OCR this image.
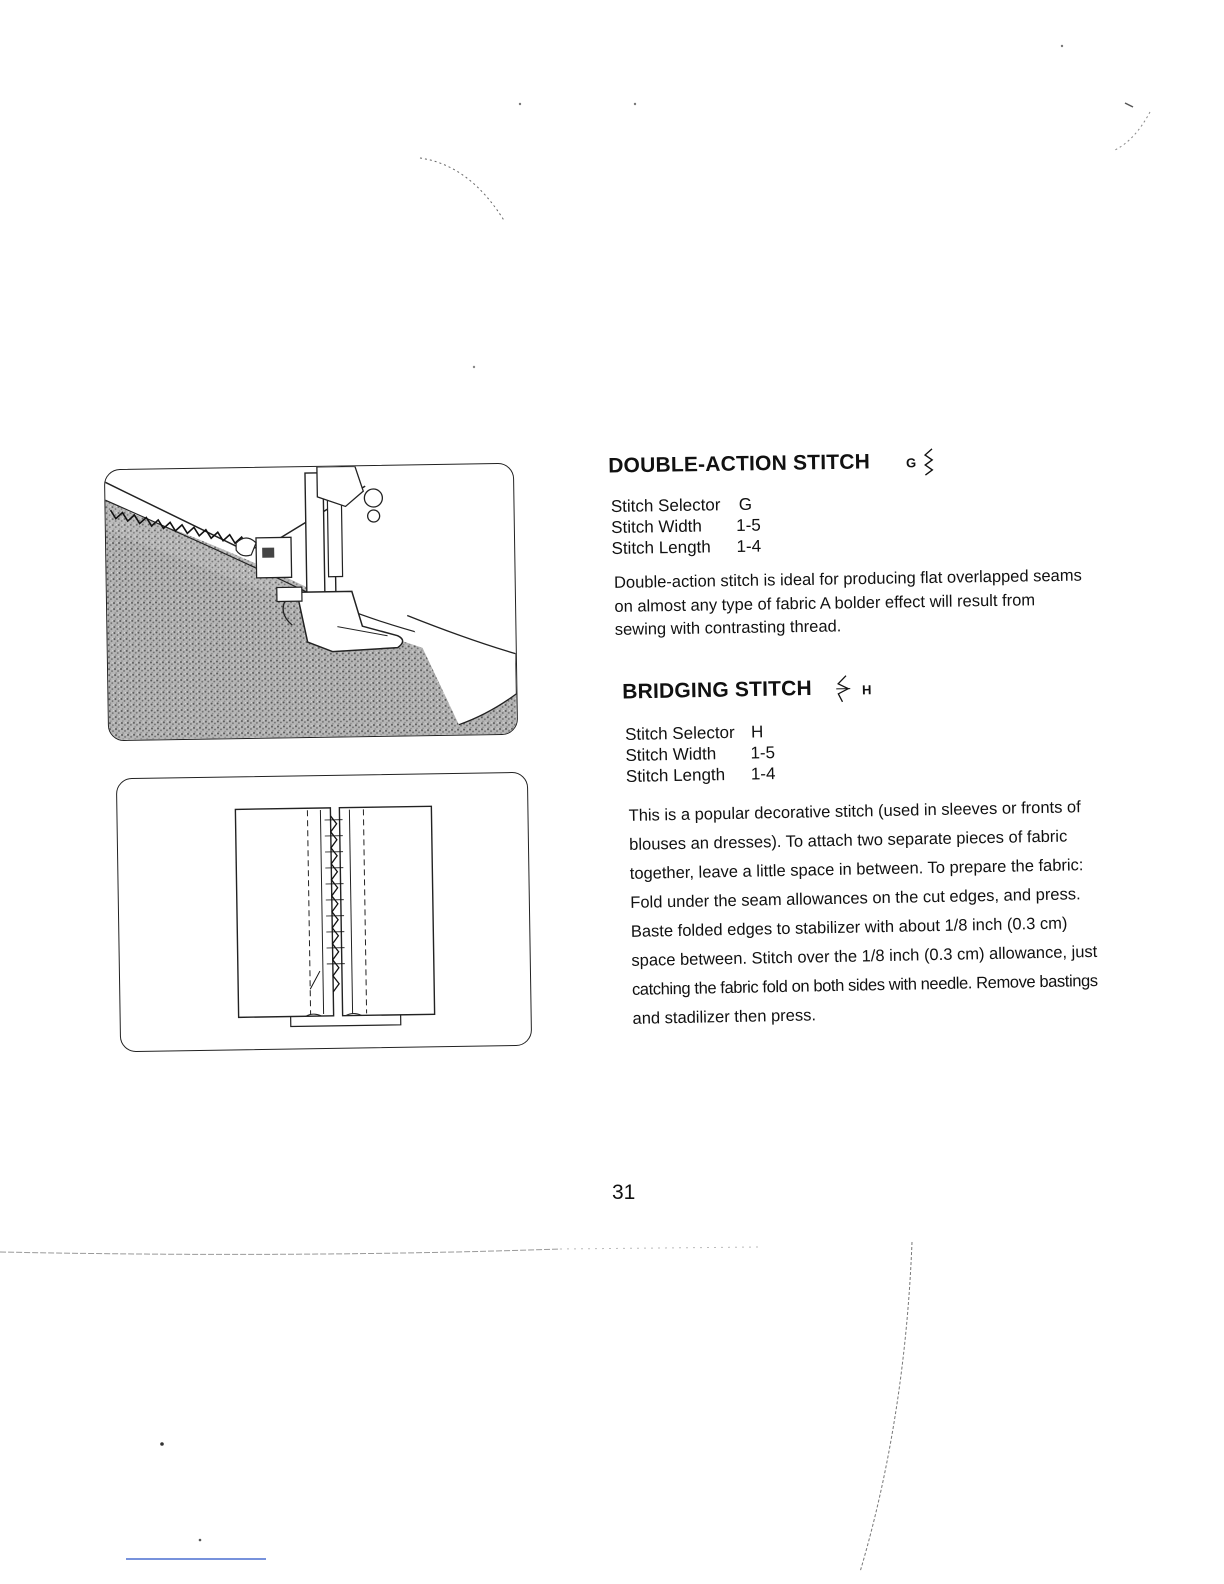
DOUBLE-ACTION STITCH	G
Stitch Selector	G
Stitch Width	1-5
Stitch Length	1-4
Double-action stitch is ideal for producing flat overlapped seams
on almost any type of fabric A bolder effect will result from
sewing with contrasting thread.
BRIDGING STITCH	H
Stitch Selector H
Stitch Width	1-5
Stitch Length	1-4
This is a popular decorative stitch (used in sleeves or fronts of
blouses an dresses). To attach two separate pieces of fabric
together, leave a little space in between. To prepare the fabric:
Fold under the seam allowances on the cut edges, and press.
Baste folded edges to stabilizer with about 1/8 inch (0.3 cm)
space between. Stitch over the 1/8 inch (0.3 cm) allowance, just
catching the fabric fold on both sides with needle. Remove bastings
and stadilizer then press.
31
